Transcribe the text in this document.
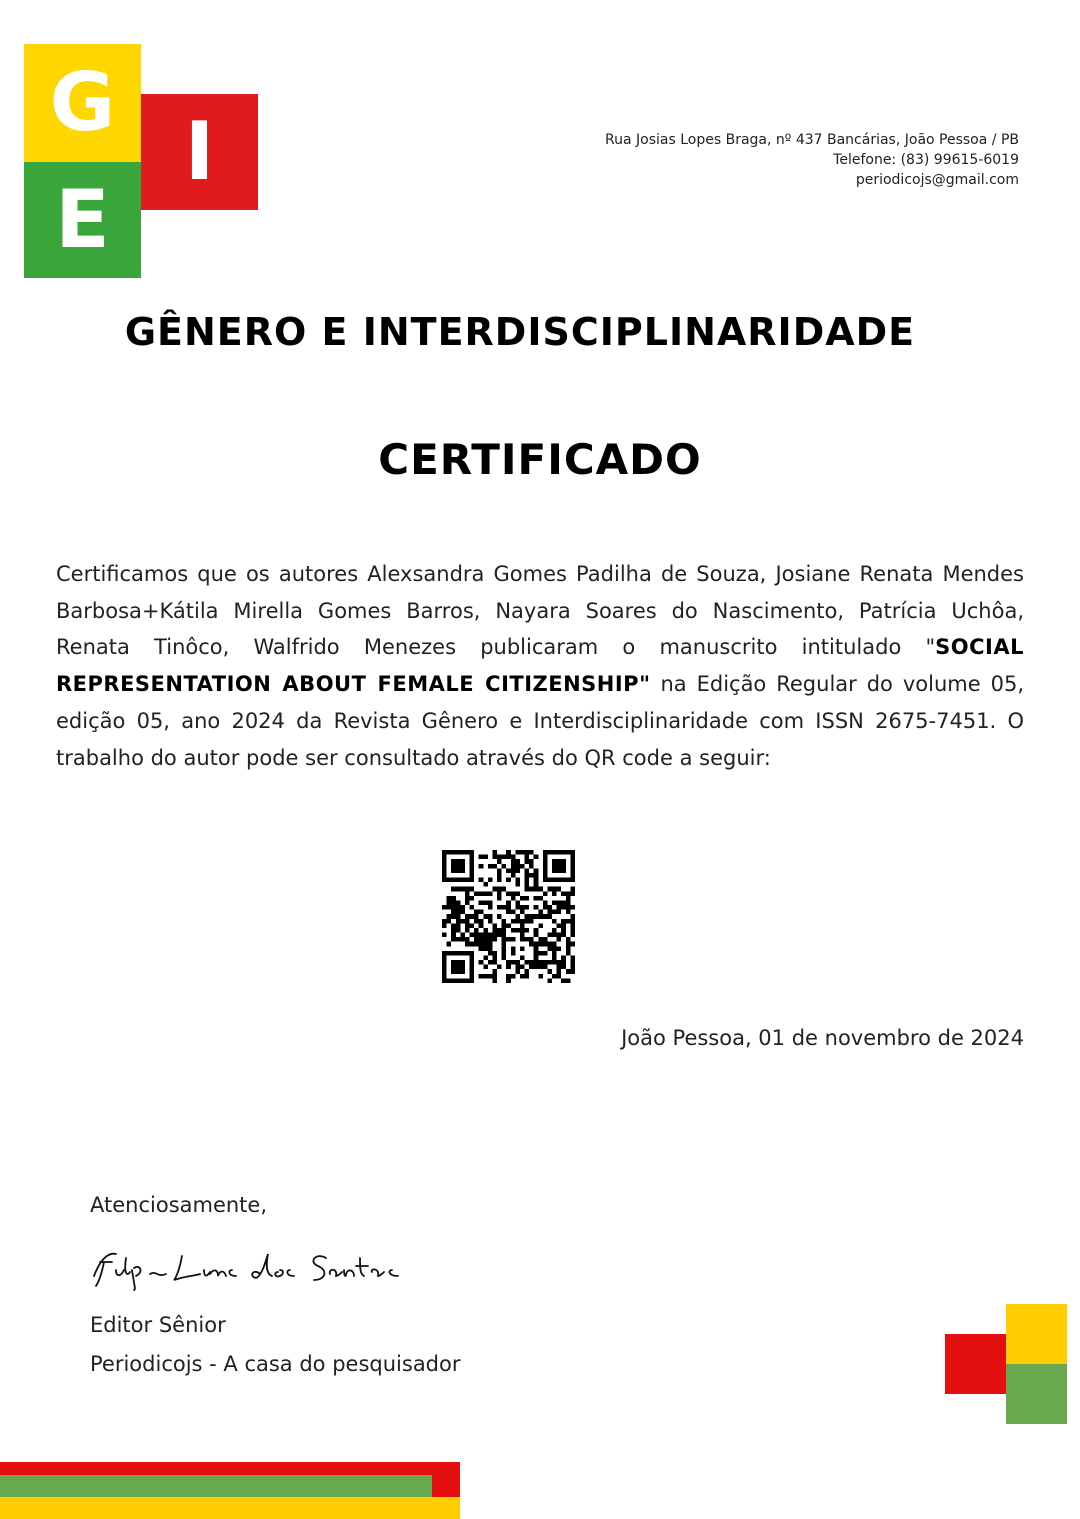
G
E
I	Rua Josias Lopes Braga, nº 437 Bancárias, João Pessoa / PB
Telefone: (83) 99615-6019
periodicojs@gmail.com
GÊNERO E INTERDISCIPLINARIDADE
CERTIFICADO
Certificamos que os autores Alexsandra Gomes Padilha de Souza, Josiane Renata Mendes Barbosa+Kátila Mirella Gomes Barros, Nayara Soares do Nascimento, Patrícia Uchôa, Renata Tinôco, Walfrido Menezes publicaram o manuscrito intitulado "SOCIAL REPRESENTATION ABOUT FEMALE CITIZENSHIP" na Edição Regular do volume 05, edição 05, ano 2024 da Revista Gênero e Interdisciplinaridade com ISSN 2675-7451. O trabalho do autor pode ser consultado através do QR code a seguir:
João Pessoa, 01 de novembro de 2024
Atenciosamente,
Editor Sênior
Periodicojs - A casa do pesquisador
